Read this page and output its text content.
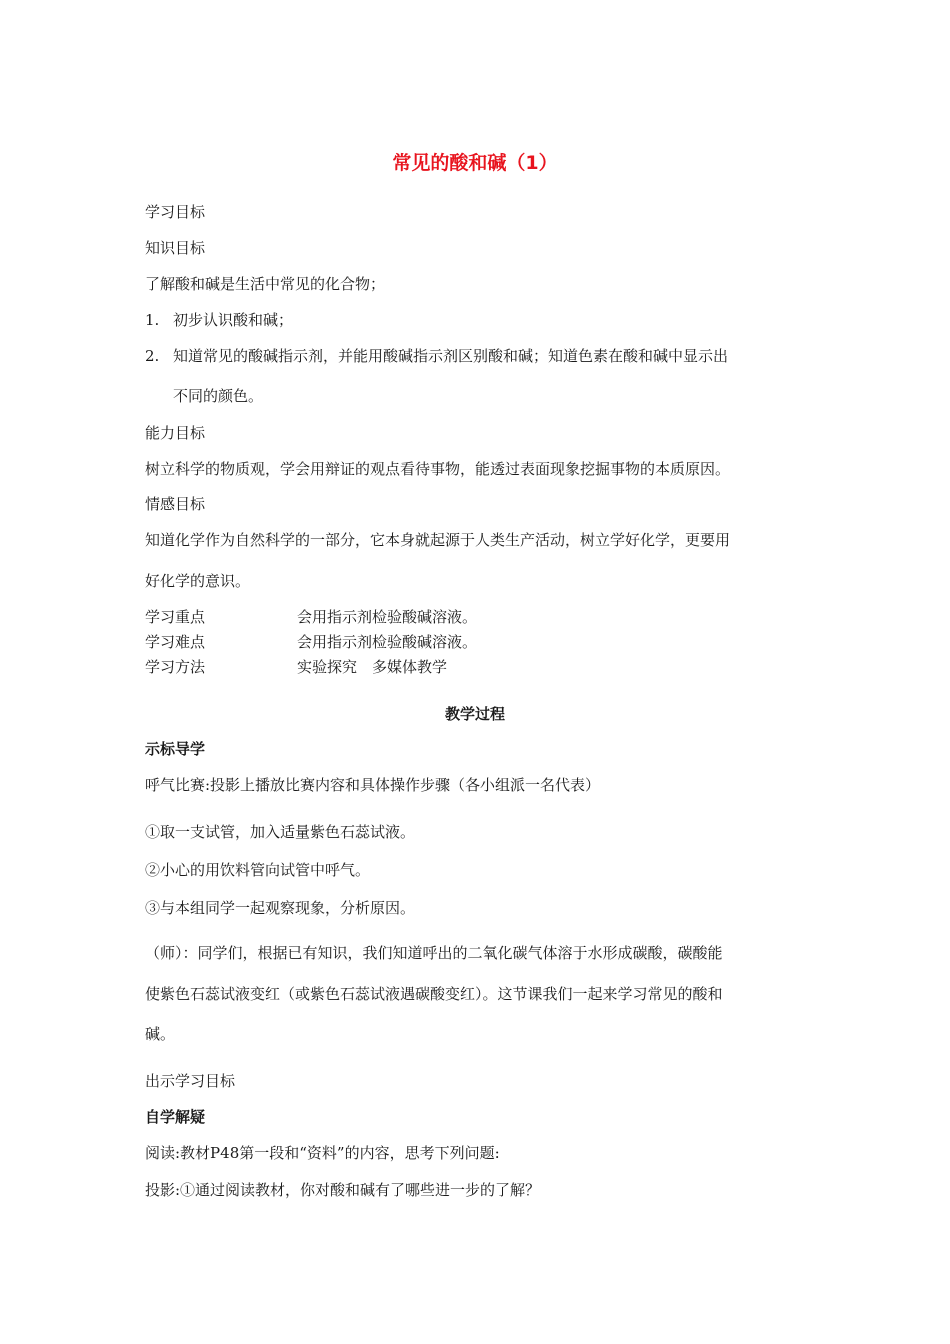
常见的酸和碱（1）
学习目标
知识目标
了解酸和碱是生活中常见的化合物；
1. 初步认识酸和碱；
2. 知道常见的酸碱指示剂，并能用酸碱指示剂区别酸和碱；知道色素在酸和碱中显示出
不同的颜色。
能力目标
树立科学的物质观，学会用辩证的观点看待事物，能透过表面现象挖掘事物的本质原因。
情感目标
知道化学作为自然科学的一部分，它本身就起源于人类生产活动，树立学好化学，更要用
好化学的意识。
学习重点	会用指示剂检验酸碱溶液。
学习难点	会用指示剂检验酸碱溶液。
学习方法	实验探究　多媒体教学
教学过程
示标导学
呼气比赛:投影上播放比赛内容和具体操作步骤（各小组派一名代表）
①取一支试管，加入适量紫色石蕊试液。
②小心的用饮料管向试管中呼气。
③与本组同学一起观察现象，分析原因。
（师）：同学们，根据已有知识，我们知道呼出的二氧化碳气体溶于水形成碳酸，碳酸能
使紫色石蕊试液变红（或紫色石蕊试液遇碳酸变红）。这节课我们一起来学习常见的酸和
碱。
出示学习目标
自学解疑
阅读:教材P48第一段和“资料”的内容，思考下列问题:
投影:①通过阅读教材，你对酸和碱有了哪些进一步的了解？
